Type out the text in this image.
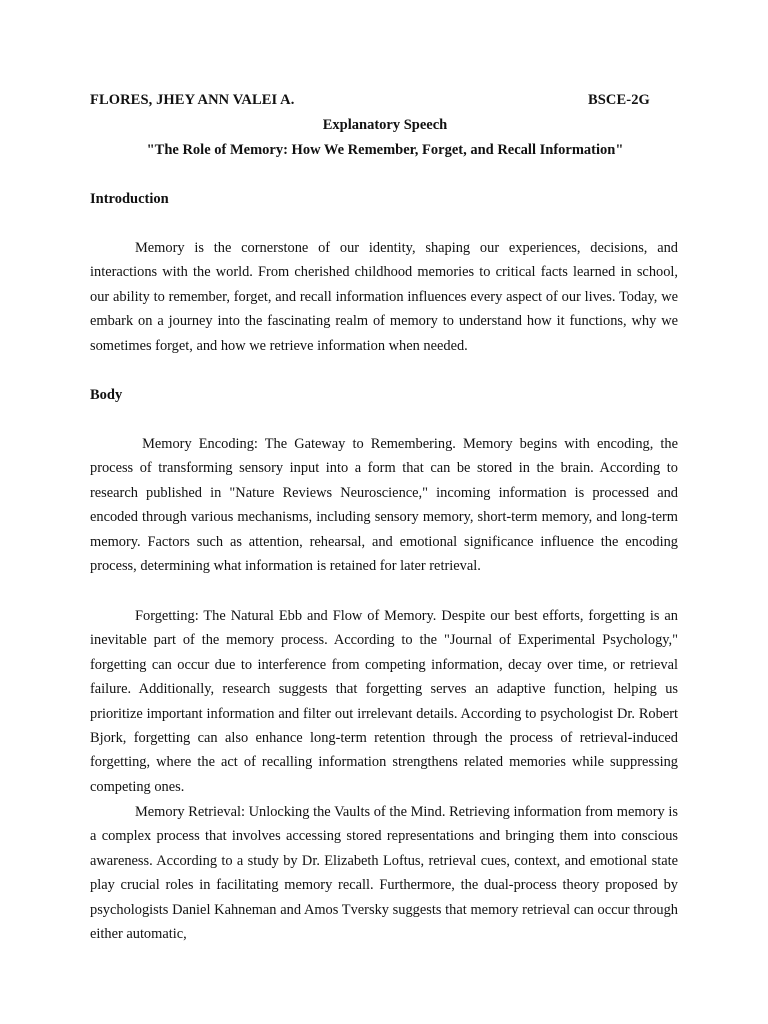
FLORES, JHEY ANN VALEI A.	BSCE-2G
Explanatory Speech
"The Role of Memory: How We Remember, Forget, and Recall Information"
Introduction

Memory is the cornerstone of our identity, shaping our experiences, decisions, and interactions with the world. From cherished childhood memories to critical facts learned in school, our ability to remember, forget, and recall information influences every aspect of our lives. Today, we embark on a journey into the fascinating realm of memory to understand how it functions, why we sometimes forget, and how we retrieve information when needed.

Body

Memory Encoding: The Gateway to Remembering. Memory begins with encoding, the process of transforming sensory input into a form that can be stored in the brain. According to research published in "Nature Reviews Neuroscience," incoming information is processed and encoded through various mechanisms, including sensory memory, short-term memory, and long-term memory. Factors such as attention, rehearsal, and emotional significance influence the encoding process, determining what information is retained for later retrieval.

Forgetting: The Natural Ebb and Flow of Memory. Despite our best efforts, forgetting is an inevitable part of the memory process. According to the "Journal of Experimental Psychology," forgetting can occur due to interference from competing information, decay over time, or retrieval failure. Additionally, research suggests that forgetting serves an adaptive function, helping us prioritize important information and filter out irrelevant details. According to psychologist Dr. Robert Bjork, forgetting can also enhance long-term retention through the process of retrieval-induced forgetting, where the act of recalling information strengthens related memories while suppressing competing ones.

Memory Retrieval: Unlocking the Vaults of the Mind. Retrieving information from memory is a complex process that involves accessing stored representations and bringing them into conscious awareness. According to a study by Dr. Elizabeth Loftus, retrieval cues, context, and emotional state play crucial roles in facilitating memory recall. Furthermore, the dual-process theory proposed by psychologists Daniel Kahneman and Amos Tversky suggests that memory retrieval can occur through either automatic,
